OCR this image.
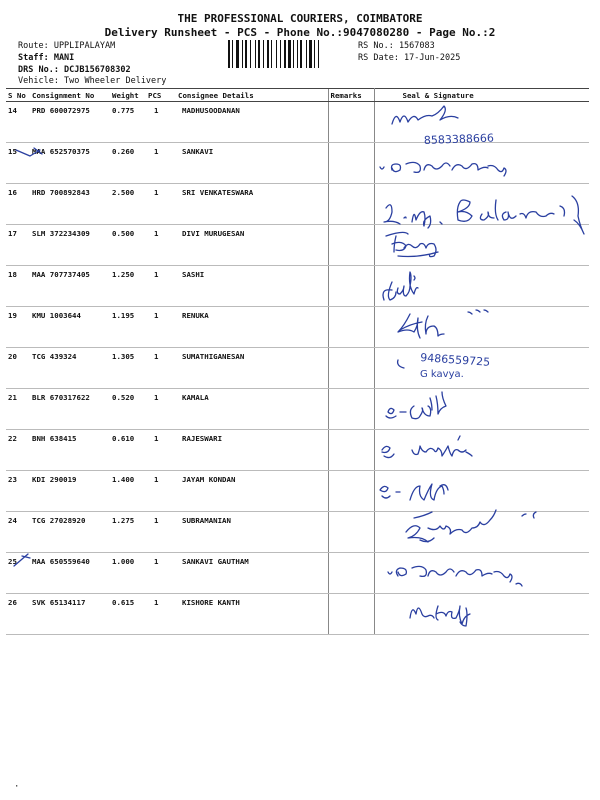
THE PROFESSIONAL COURIERS, COIMBATORE
Delivery Runsheet - PCS - Phone No.:9047080280 - Page No.:2
Route: UPPLIPALAYAM
Staff: MANI
DRS No.: DCJB156708302
Vehicle: Two Wheeler Delivery
RS No.: 1567083
RS Date: 17-Jun-2025
S No	Consignment No	Weight	PCS	Consignee Details	Remarks	Seal & Signature
14	PRD 600072975	0.775	1	MADHUSOODANAN		
15	MAA 652570375	0.260	1	SANKAVI		
16	HRD 700892843	2.500	1	SRI VENKATESWARA		
17	SLM 372234309	0.500	1	DIVI MURUGESAN		
18	MAA 707737405	1.250	1	SASHI		
19	KMU 1003644	1.195	1	RENUKA		
20	TCG 439324	1.305	1	SUMATHIGANESAN		
21	BLR 670317622	0.520	1	KAMALA		
22	BNH 638415	0.610	1	RAJESWARI		
23	KDI 290019	1.400	1	JAYAM KONDAN		
24	TCG 27028920	1.275	1	SUBRAMANIAN		
25	MAA 650559640	1.000	1	SANKAVI GAUTHAM		
26	SVK 65134117	0.615	1	KISHORE KANTH		
9486559725
G kavya.
8583388666
·
